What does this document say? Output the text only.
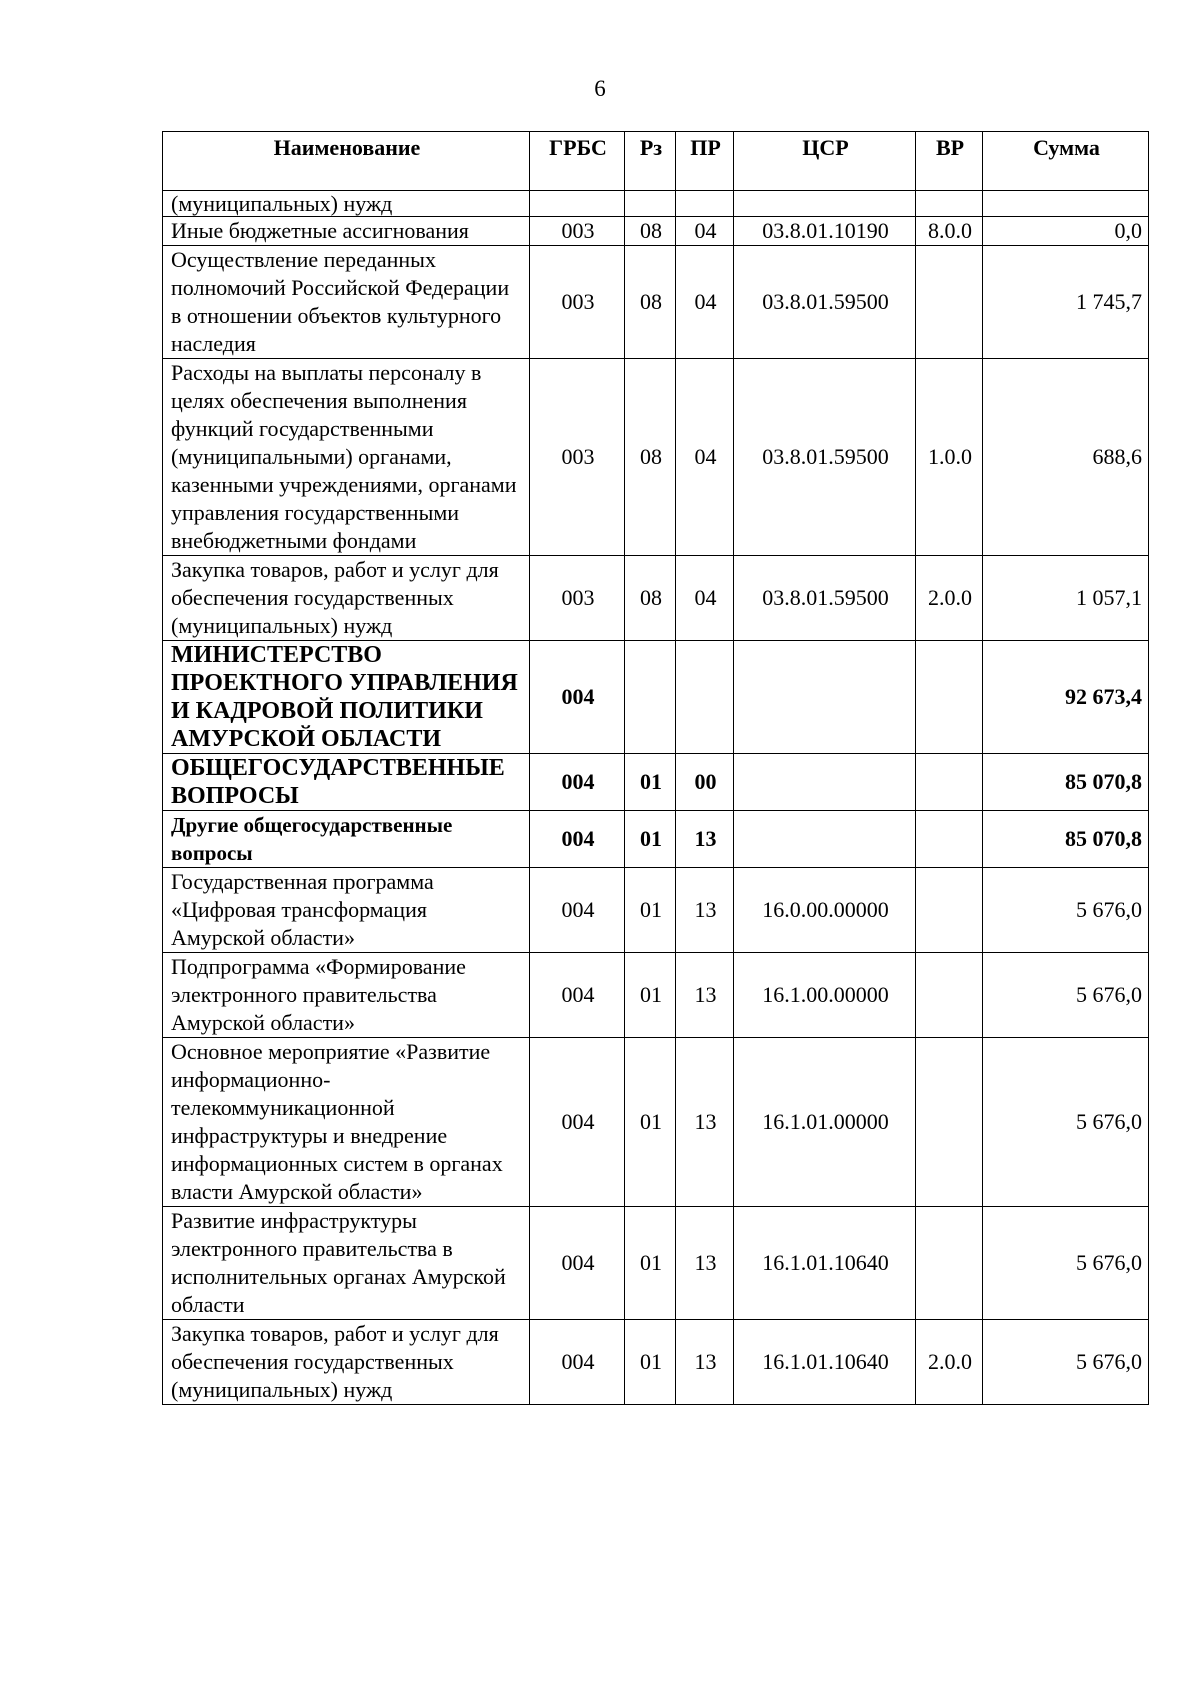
6
Наименование	ГРБС	Рз	ПР	ЦСР	ВР	Сумма
(муниципальных) нужд						
Иные бюджетные ассигнования	003	08	04	03.8.01.10190	8.0.0	0,0
Осуществление переданных полномочий Российской Федерации в отношении объектов культурного наследия	003	08	04	03.8.01.59500		1 745,7
Расходы на выплаты персоналу в целях обеспечения выполнения функций государственными (муниципальными) органами, казенными учреждениями, органами управления государственными внебюджетными фондами	003	08	04	03.8.01.59500	1.0.0	688,6
Закупка товаров, работ и услуг для обеспечения государственных (муниципальных) нужд	003	08	04	03.8.01.59500	2.0.0	1 057,1
МИНИСТЕРСТВО ПРОЕКТНОГО УПРАВЛЕНИЯ И КАДРОВОЙ ПОЛИТИКИ АМУРСКОЙ ОБЛАСТИ	004					92 673,4
ОБЩЕГОСУДАРСТВЕННЫЕ ВОПРОСЫ	004	01	00			85 070,8
Другие общегосударственные вопросы	004	01	13			85 070,8
Государственная программа «Цифровая трансформация Амурской области»	004	01	13	16.0.00.00000		5 676,0
Подпрограмма «Формирование электронного правительства Амурской области»	004	01	13	16.1.00.00000		5 676,0
Основное мероприятие «Развитие информационно-телекоммуникационной инфраструктуры и внедрение информационных систем в органах власти Амурской области»	004	01	13	16.1.01.00000		5 676,0
Развитие инфраструктуры электронного правительства в исполнительных органах Амурской области	004	01	13	16.1.01.10640		5 676,0
Закупка товаров, работ и услуг для обеспечения государственных (муниципальных) нужд	004	01	13	16.1.01.10640	2.0.0	5 676,0
